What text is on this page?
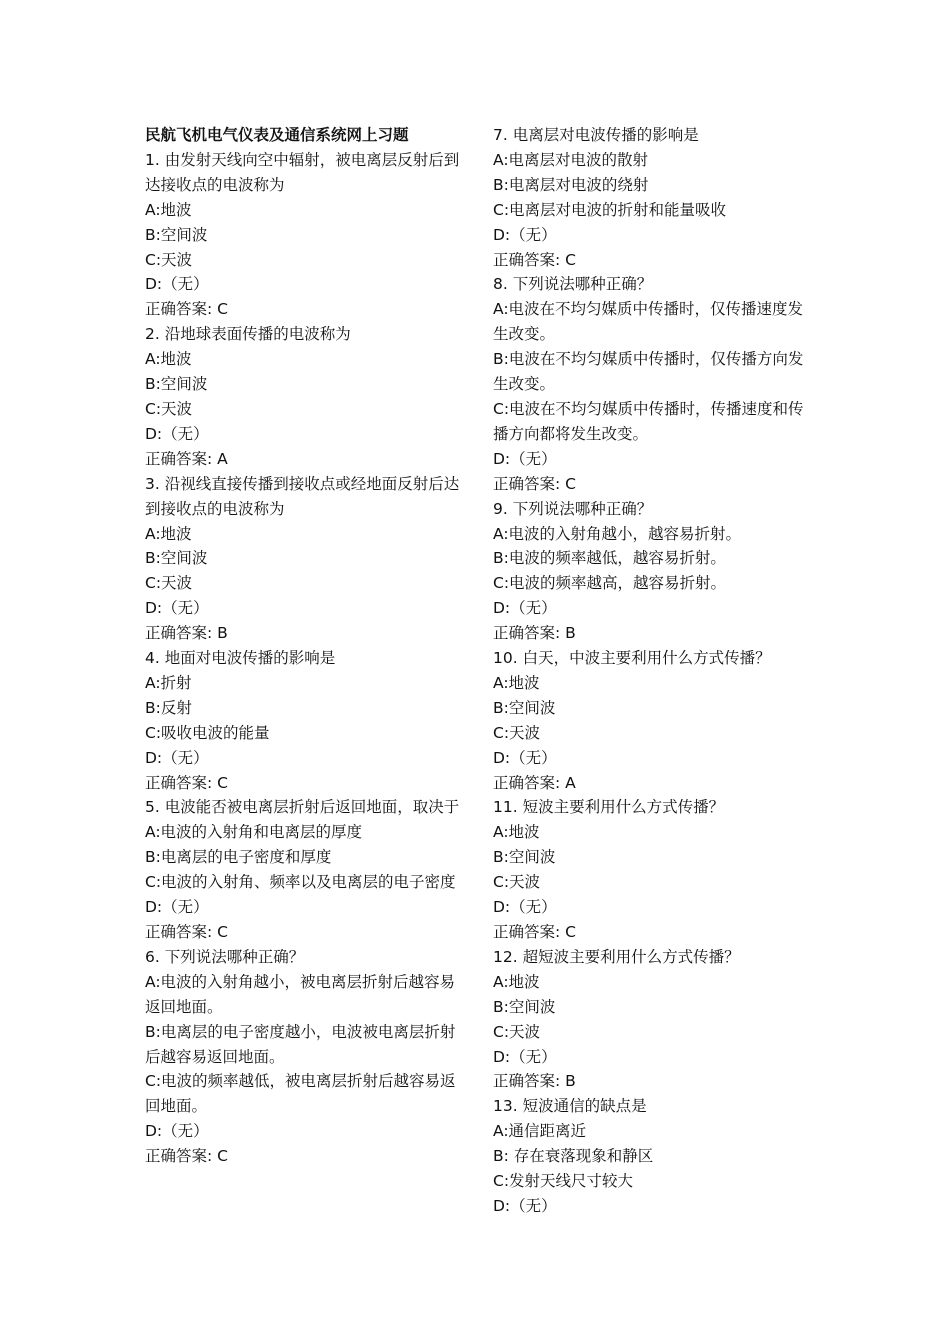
民航飞机电气仪表及通信系统网上习题
1. 由发射天线向空中辐射，被电离层反射后到达接收点的电波称为
A:地波
B:空间波
C:天波
D:（无）
正确答案: C
2. 沿地球表面传播的电波称为
A:地波
B:空间波
C:天波
D:（无）
正确答案: A
3. 沿视线直接传播到接收点或经地面反射后达到接收点的电波称为
A:地波
B:空间波
C:天波
D:（无）
正确答案: B
4. 地面对电波传播的影响是
A:折射
B:反射
C:吸收电波的能量
D:（无）
正确答案: C
5. 电波能否被电离层折射后返回地面，取决于
A:电波的入射角和电离层的厚度
B:电离层的电子密度和厚度
C:电波的入射角、频率以及电离层的电子密度
D:（无）
正确答案: C
6. 下列说法哪种正确？
A:电波的入射角越小，被电离层折射后越容易返回地面。
B:电离层的电子密度越小，电波被电离层折射后越容易返回地面。
C:电波的频率越低，被电离层折射后越容易返回地面。
D:（无）
正确答案: C
7. 电离层对电波传播的影响是
A:电离层对电波的散射
B:电离层对电波的绕射
C:电离层对电波的折射和能量吸收
D:（无）
正确答案: C
8. 下列说法哪种正确？
A:电波在不均匀媒质中传播时，仅传播速度发生改变。
B:电波在不均匀媒质中传播时，仅传播方向发生改变。
C:电波在不均匀媒质中传播时，传播速度和传播方向都将发生改变。
D:（无）
正确答案: C
9. 下列说法哪种正确？
A:电波的入射角越小，越容易折射。
B:电波的频率越低，越容易折射。
C:电波的频率越高，越容易折射。
D:（无）
正确答案: B
10. 白天，中波主要利用什么方式传播？
A:地波
B:空间波
C:天波
D:（无）
正确答案: A
11. 短波主要利用什么方式传播？
A:地波
B:空间波
C:天波
D:（无）
正确答案: C
12. 超短波主要利用什么方式传播？
A:地波
B:空间波
C:天波
D:（无）
正确答案: B
13. 短波通信的缺点是
A:通信距离近
B: 存在衰落现象和静区
C:发射天线尺寸较大
D:（无）
